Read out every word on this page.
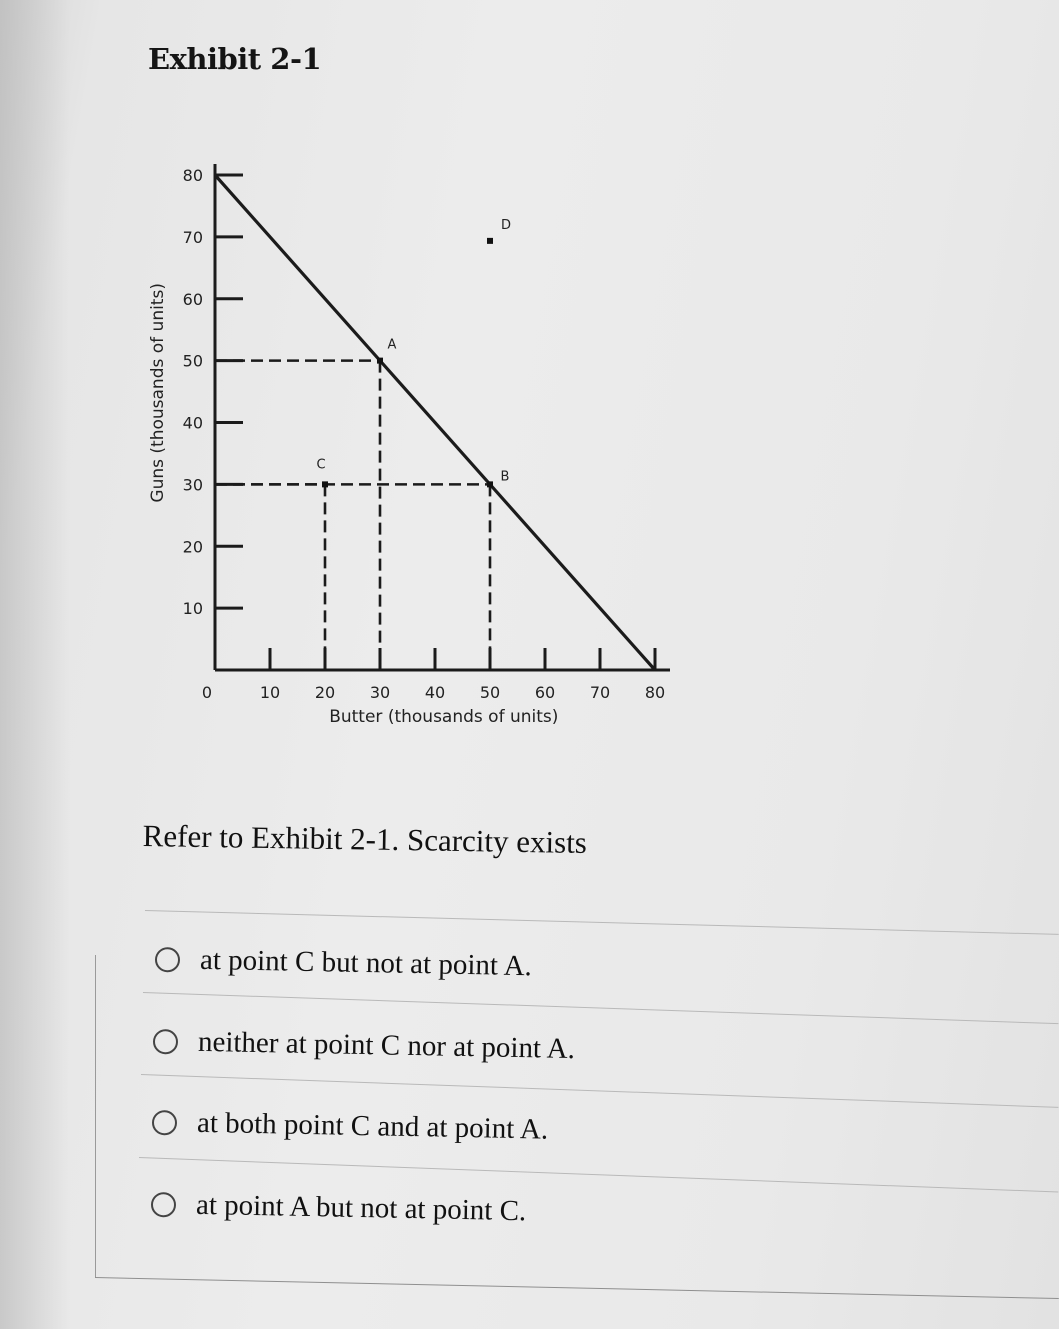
Exhibit 2-1
10
20
30
40
50
60
70
80
0	10 20 30 40 50 60 70 80
A
B
C
D
Butter (thousands of units)
Guns (thousands of units)
Refer to Exhibit 2-1. Scarcity exists
at point C but not at point A.
neither at point C nor at point A.
at both point C and at point A.
at point A but not at point C.
